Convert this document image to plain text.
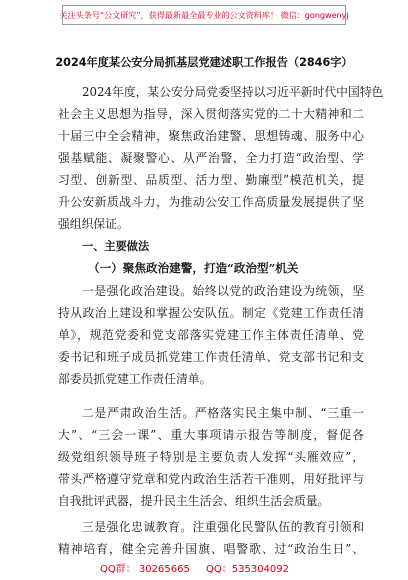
关注头条号“公文研究”，获得最新最全最专业的公文资料库！ 微信：gongwenyj
2024年度某公安分局抓基层党建述职工作报告（2846字）
2024年度，某公安分局党委坚持以习近平新时代中国特色
社会主义思想为指导，深入贯彻落实党的二十大精神和二
十届三中全会精神，聚焦政治建警、思想铸魂、服务中心
强基赋能、凝聚警心、从严治警，全力打造“政治型、学
习型、创新型、品质型、活力型、勤廉型”模范机关，提
升公安新质战斗力，为推动公安工作高质量发展提供了坚
强组织保证。
一、主要做法
（一）聚焦政治建警，打造“政治型”机关
一是强化政治建设。始终以党的政治建设为统领，坚
持从政治上建设和掌握公安队伍。制定《党建工作责任清
单》，规范党委和党支部落实党建工作主体责任清单、党
委书记和班子成员抓党建工作责任清单、党支部书记和支
部委员抓党建工作责任清单。
二是严肃政治生活。严格落实民主集中制、“三重一
大”、“三会一课”、重大事项请示报告等制度，督促各
级党组织领导班子特别是主要负责人发挥“头雁效应”，
带头严格遵守党章和党内政治生活若干准则，用好批评与
自我批评武器，提升民主生活会、组织生活会质量。
三是强化忠诚教育。注重强化民警队伍的教育引领和
精神培育，健全完善升国旗、唱警歌、过“政治生日”、
QQ群： 30265665 QQ：535304092
